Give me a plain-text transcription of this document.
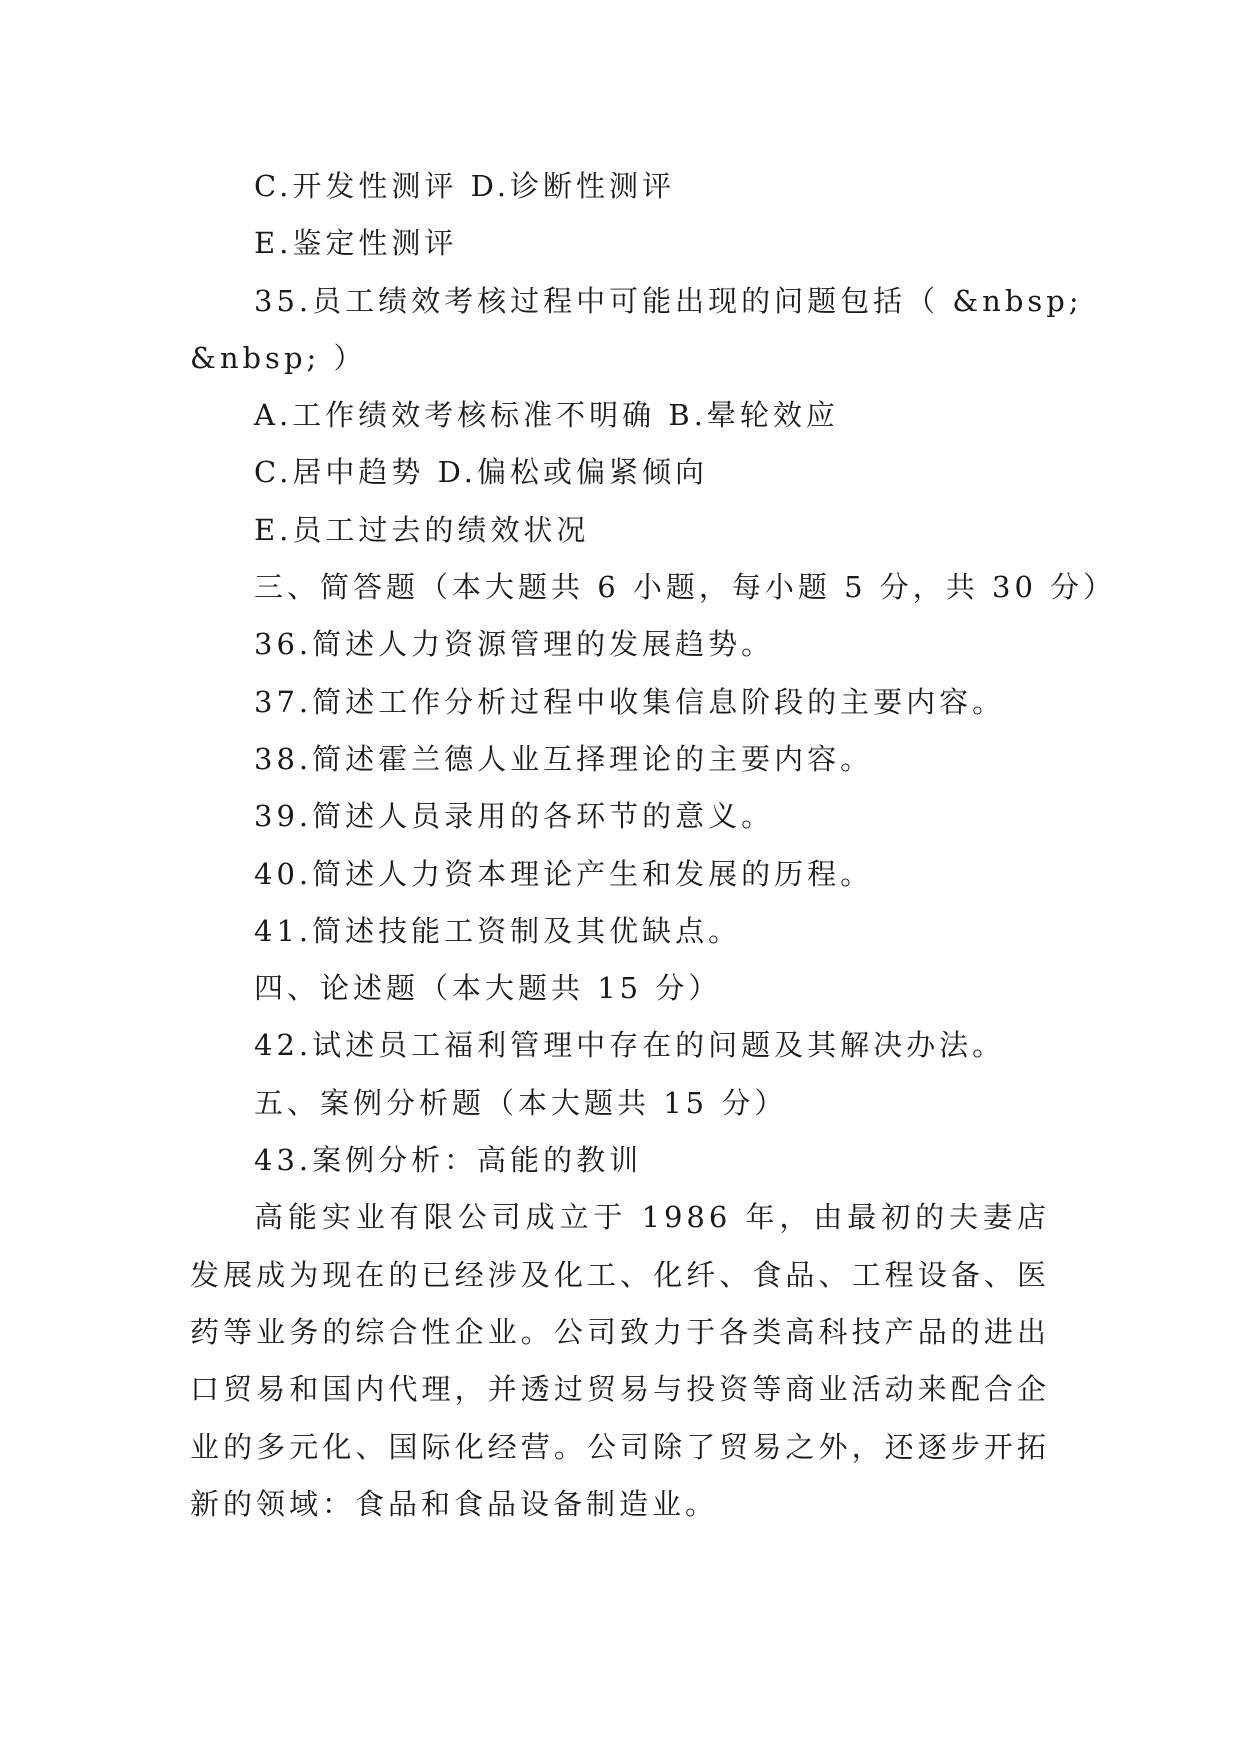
C.开发性测评 D.诊断性测评
E.鉴定性测评
35.员工绩效考核过程中可能出现的问题包括（ &nbsp;
&nbsp; ）
A.工作绩效考核标准不明确 B.晕轮效应
C.居中趋势 D.偏松或偏紧倾向
E.员工过去的绩效状况
三、简答题（本大题共 6 小题，每小题 5 分，共 30 分）
36.简述人力资源管理的发展趋势。
37.简述工作分析过程中收集信息阶段的主要内容。
38.简述霍兰德人业互择理论的主要内容。
39.简述人员录用的各环节的意义。
40.简述人力资本理论产生和发展的历程。
41.简述技能工资制及其优缺点。
四、论述题（本大题共 15 分）
42.试述员工福利管理中存在的问题及其解决办法。
五、案例分析题（本大题共 15 分）
43.案例分析：高能的教训

高能实业有限公司成立于 1986 年，由最初的夫妻店发展成为现在的已经涉及化工、化纤、食品、工程设备、医药等业务的综合性企业。公司致力于各类高科技产品的进出口贸易和国内代理，并透过贸易与投资等商业活动来配合企业的多元化、国际化经营。公司除了贸易之外，还逐步开拓新的领域：食品和食品设备制造业。
